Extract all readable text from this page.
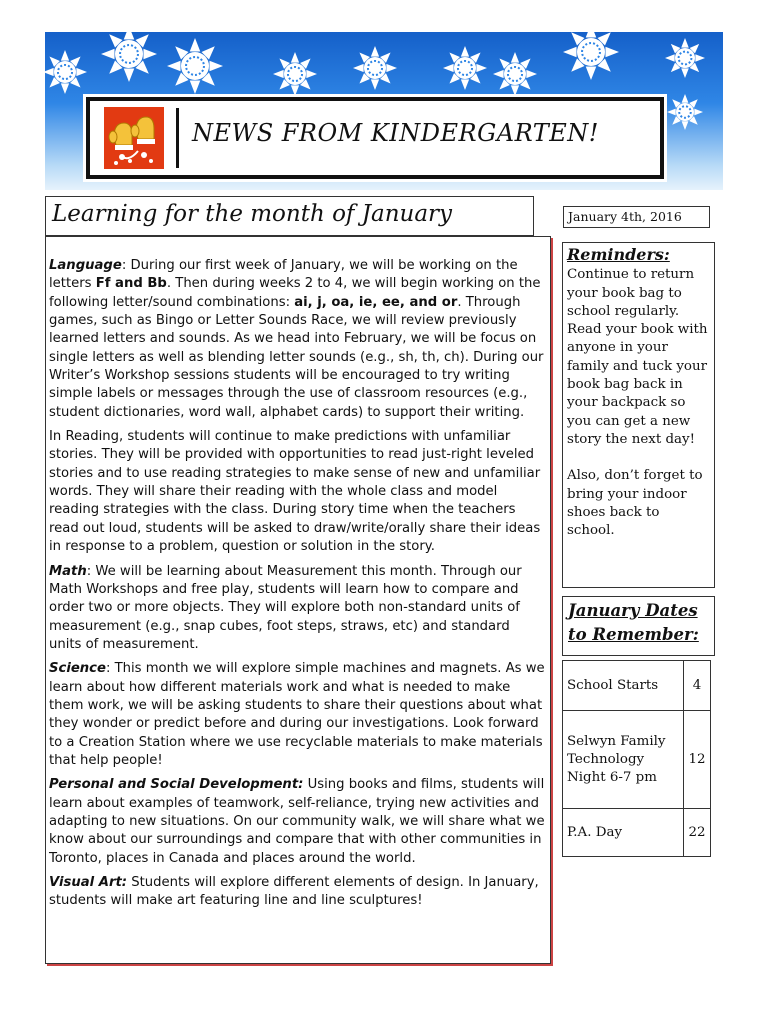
NEWS FROM KINDERGARTEN!
Learning for the month of January

Language: During our first week of January, we will be working on the letters Ff and Bb. Then during weeks 2 to 4, we will begin working on the following letter/sound combinations: ai, j, oa, ie, ee, and or. Through games, such as Bingo or Letter Sounds Race, we will review previously learned letters and sounds. As we head into February, we will be focus on single letters as well as blending letter sounds (e.g., sh, th, ch). During our Writer’s Workshop sessions students will be encouraged to try writing simple labels or messages through the use of classroom resources (e.g., student dictionaries, word wall, alphabet cards) to support their writing.

In Reading, students will continue to make predictions with unfamiliar stories. They will be provided with opportunities to read just-right leveled stories and to use reading strategies to make sense of new and unfamiliar words. They will share their reading with the whole class and model reading strategies with the class. During story time when the teachers read out loud, students will be asked to draw/write/orally share their ideas in response to a problem, question or solution in the story.

Math: We will be learning about Measurement this month. Through our Math Workshops and free play, students will learn how to compare and order two or more objects. They will explore both non-standard units of measurement (e.g., snap cubes, foot steps, straws, etc) and standard units of measurement.

Science: This month we will explore simple machines and magnets. As we learn about how different materials work and what is needed to make them work, we will be asking students to share their questions about what they wonder or predict before and during our investigations. Look forward to a Creation Station where we use recyclable materials to make materials that help people!

Personal and Social Development: Using books and films, students will learn about examples of teamwork, self-reliance, trying new activities and adapting to new situations. On our community walk, we will share what we know about our surroundings and compare that with other communities in Toronto, places in Canada and places around the world.

Visual Art: Students will explore different elements of design. In January, students will make art featuring line and line sculptures!

January 4th, 2016
Reminders:

Continue to return your book bag to school regularly. Read your book with anyone in your family and tuck your book bag back in your backpack so you can get a new story the next day!

Also, don’t forget to bring your indoor shoes back to school.

January Dates to Remember:
School Starts	4
Selwyn Family Technology Night 6-7 pm	12
P.A. Day	22
